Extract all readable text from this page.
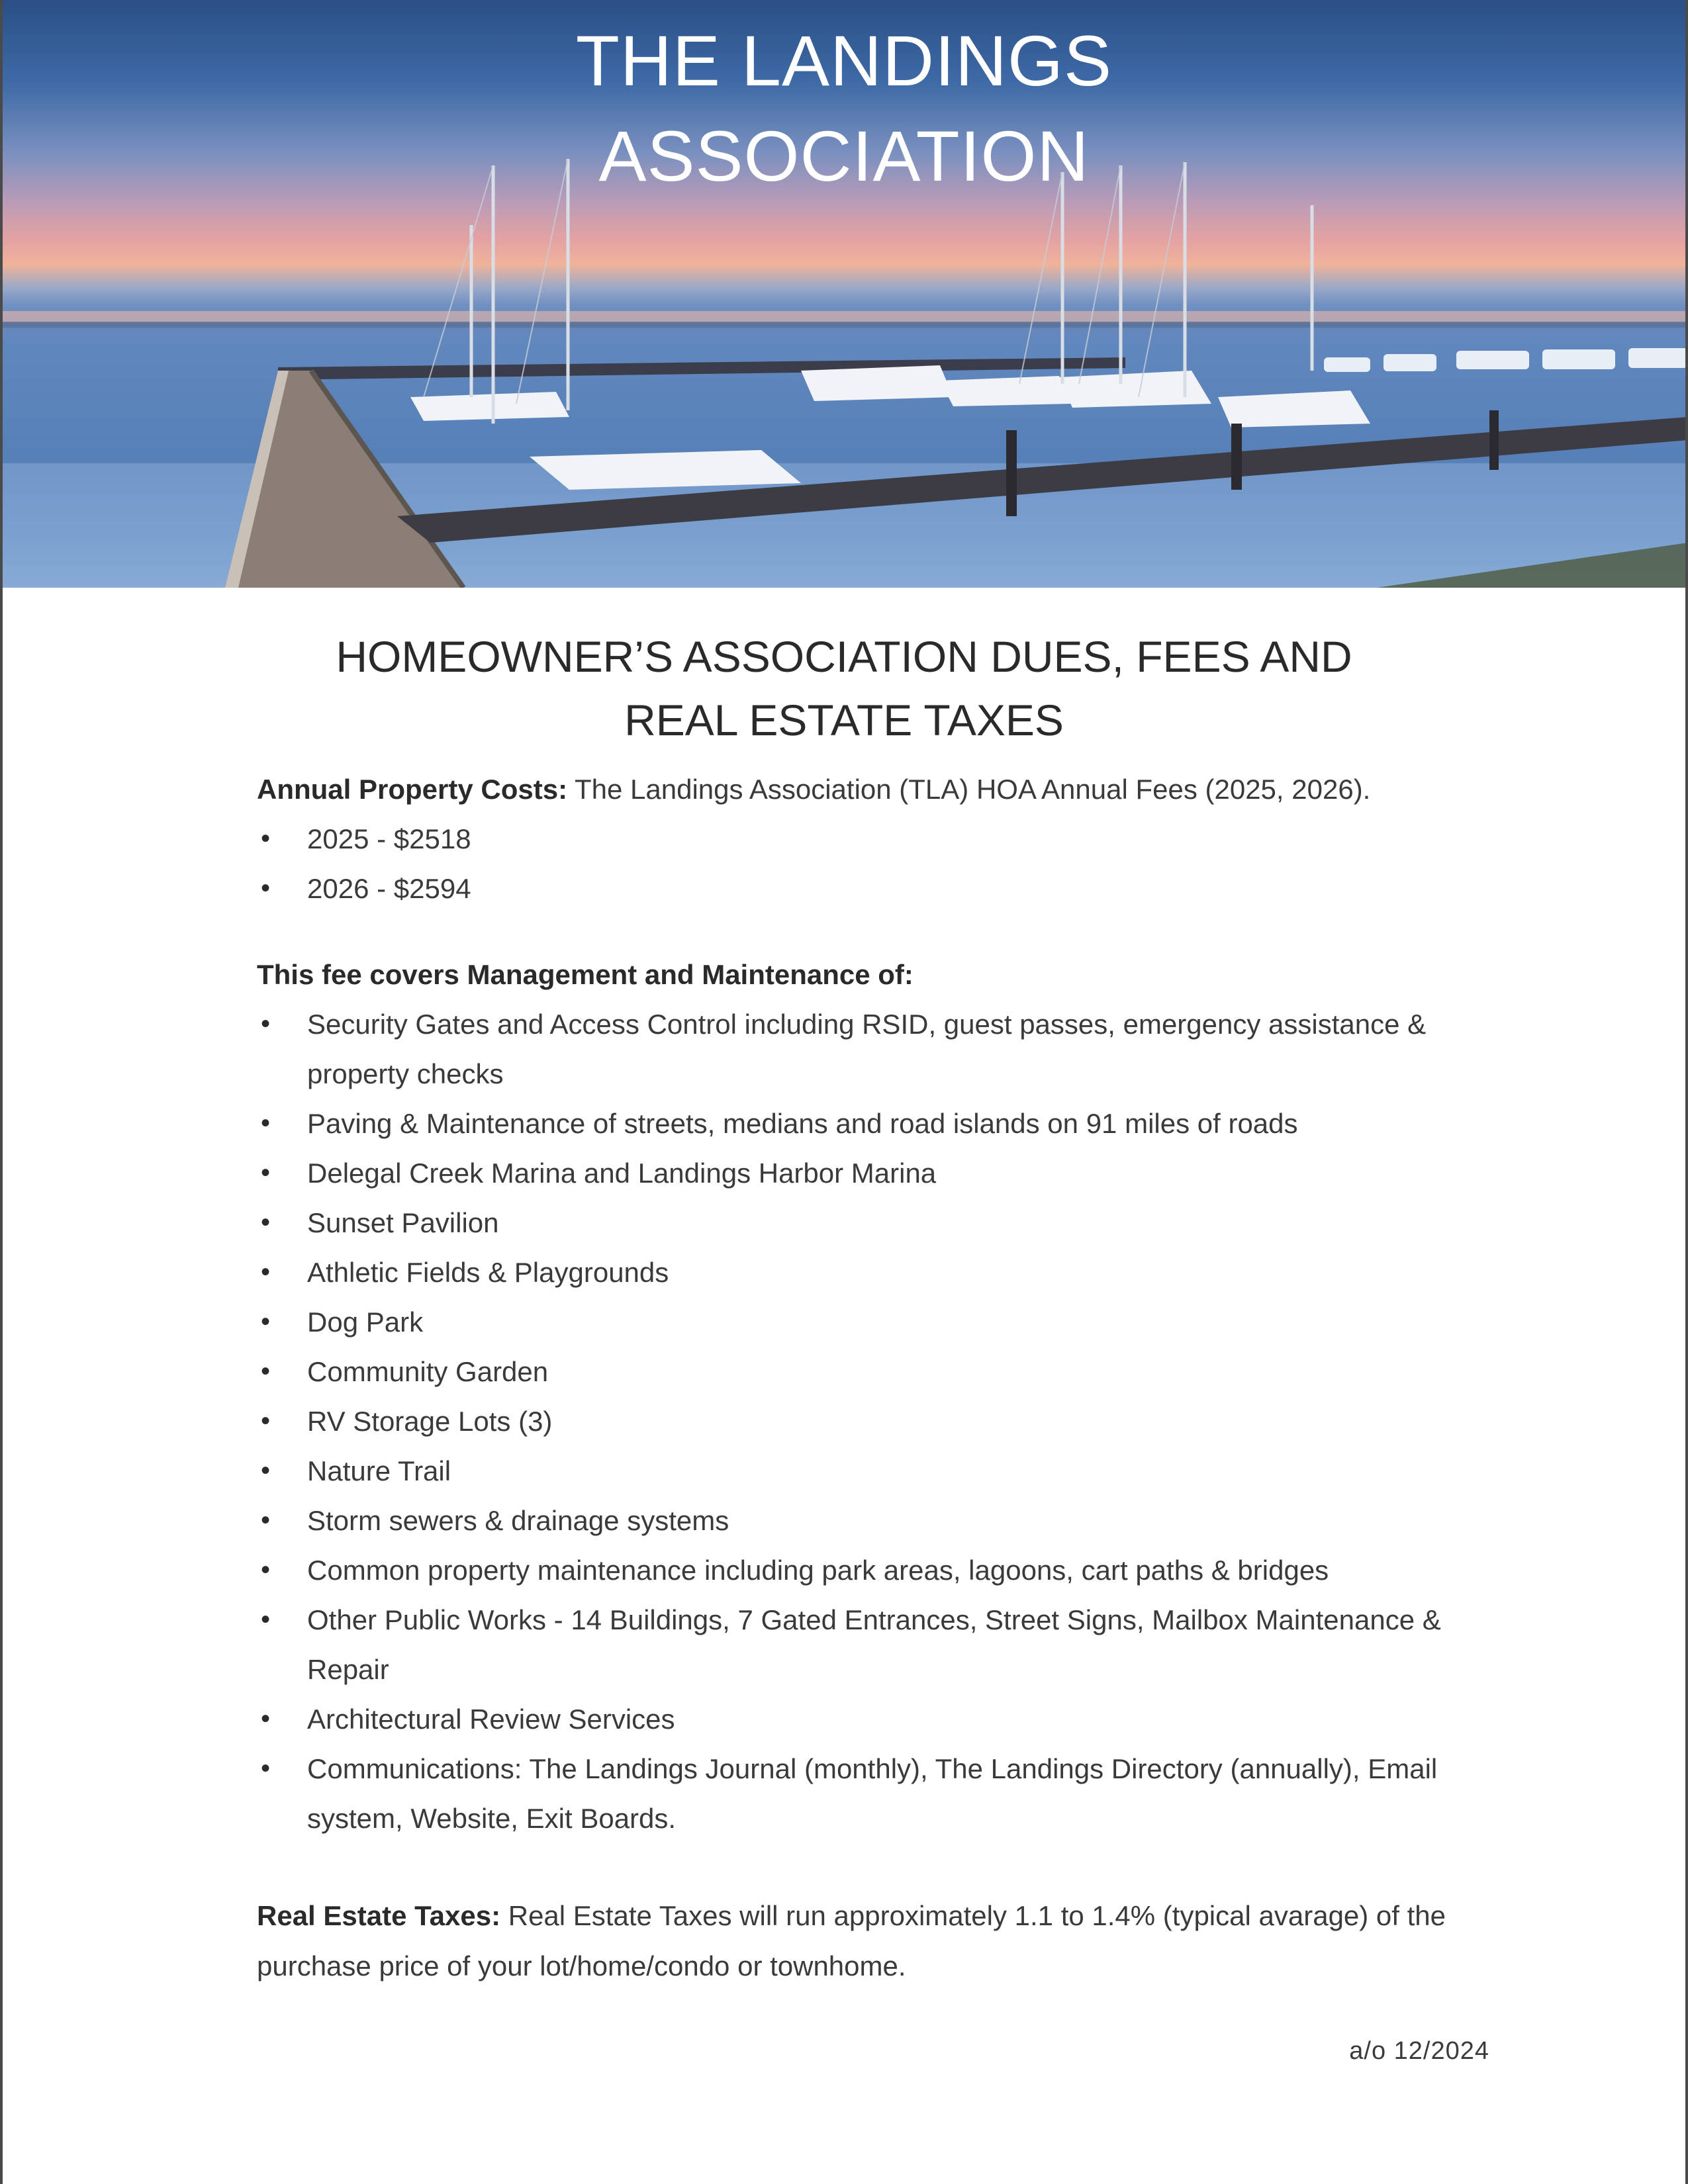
THE LANDINGS
ASSOCIATION
HOMEOWNER’S ASSOCIATION DUES, FEES AND
REAL ESTATE TAXES
Annual Property Costs: The Landings Association (TLA) HOA Annual Fees (2025, 2026).
• 2025 - $2518
• 2026 - $2594
This fee covers Management and Maintenance of:
• Security Gates and Access Control including RSID, guest passes, emergency assistance & property checks
• Paving & Maintenance of streets, medians and road islands on 91 miles of roads
• Delegal Creek Marina and Landings Harbor Marina
• Sunset Pavilion
• Athletic Fields & Playgrounds
• Dog Park
• Community Garden
• RV Storage Lots (3)
• Nature Trail
• Storm sewers & drainage systems
• Common property maintenance including park areas, lagoons, cart paths & bridges
• Other Public Works - 14 Buildings, 7 Gated Entrances, Street Signs, Mailbox Maintenance & Repair
• Architectural Review Services
• Communications: The Landings Journal (monthly), The Landings Directory (annually), Email system, Website, Exit Boards.
Real Estate Taxes: Real Estate Taxes will run approximately 1.1 to 1.4% (typical avarage) of the purchase price of your lot/home/condo or townhome.
a/o 12/2024
